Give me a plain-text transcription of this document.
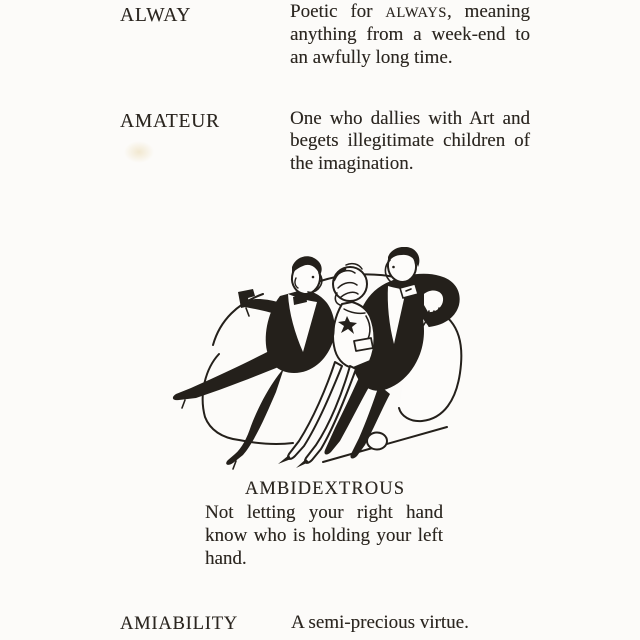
ALWAY	Poetic for ALWAYS, meaning
anything from a week-end to
an awfully long time.
AMATEUR	One who dallies with Art and
begets illegitimate children of
the imagination.
AMBIDEXTROUS
Not letting your right hand
know who is holding your left
hand.
AMIABILITY	A semi-precious virtue.
